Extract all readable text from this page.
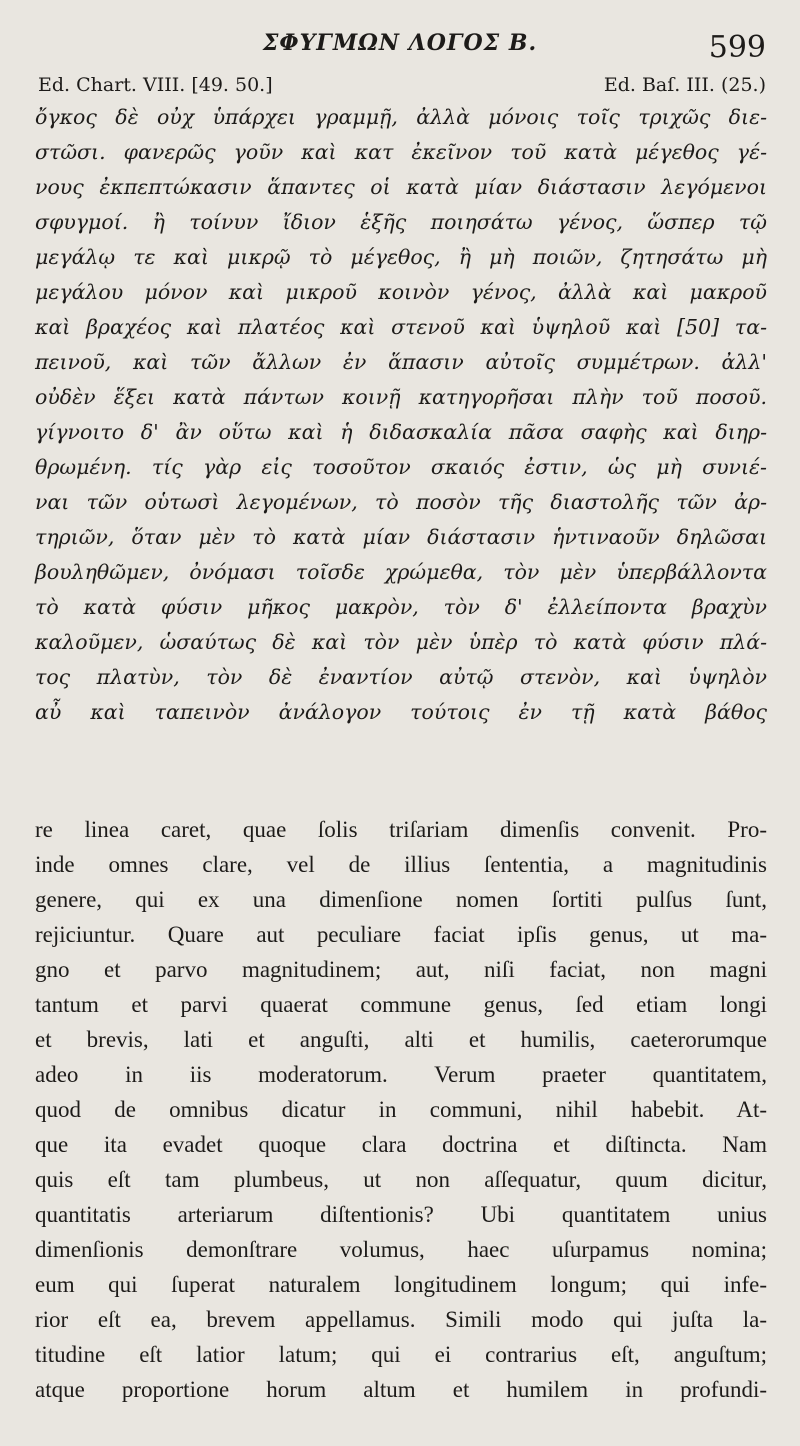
ΣΦΥΓΜΩΝ ΛΟΓΟΣ Β.	599
Ed. Chart. VIII. [49. 50.]	Ed. Baſ. III. (25.)
ὄγκος δὲ οὐχ ὑπάρχει γραμμῇ, ἀλλὰ μόνοις τοῖς τριχῶς διε-
στῶσι. φανερῶς γοῦν καὶ κατ ἐκεῖνον τοῦ κατὰ μέγεθος γέ-
νους ἐκπεπτώκασιν ἅπαντες οἱ κατὰ μίαν διάστασιν λεγόμενοι
σφυγμοί. ἢ τοίνυν ἴδιον ἑξῆς ποιησάτω γένος, ὥσπερ τῷ
μεγάλῳ τε καὶ μικρῷ τὸ μέγεθος, ἢ μὴ ποιῶν, ζητησάτω μὴ
μεγάλου μόνον καὶ μικροῦ κοινὸν γένος, ἀλλὰ καὶ μακροῦ
καὶ βραχέος καὶ πλατέος καὶ στενοῦ καὶ ὑψηλοῦ καὶ [50] τα-
πεινοῦ, καὶ τῶν ἄλλων ἐν ἅπασιν αὐτοῖς συμμέτρων. ἀλλ'
οὐδὲν ἕξει κατὰ πάντων κοινῇ κατηγορῆσαι πλὴν τοῦ ποσοῦ.
γίγνοιτο δ' ἂν οὕτω καὶ ἡ διδασκαλία πᾶσα σαφὴς καὶ διηρ-
θρωμένη. τίς γὰρ εἰς τοσοῦτον σκαιός ἐστιν, ὡς μὴ συνιέ-
ναι τῶν οὑτωσὶ λεγομένων, τὸ ποσὸν τῆς διαστολῆς τῶν ἀρ-
τηριῶν, ὅταν μὲν τὸ κατὰ μίαν διάστασιν ἡντιναοῦν δηλῶσαι
βουληθῶμεν, ὀνόμασι τοῖσδε χρώμεθα, τὸν μὲν ὑπερβάλλοντα
τὸ κατὰ φύσιν μῆκος μακρὸν, τὸν δ' ἐλλείποντα βραχὺν
καλοῦμεν, ὡσαύτως δὲ καὶ τὸν μὲν ὑπὲρ τὸ κατὰ φύσιν πλά-
τος πλατὺν, τὸν δὲ ἐναντίον αὐτῷ στενὸν, καὶ ὑψηλὸν
αὖ καὶ ταπεινὸν ἀνάλογον τούτοις ἐν τῇ κατὰ βάθος
re linea caret, quae ſolis triſariam dimenſis convenit. Pro-
inde omnes clare, vel de illius ſententia, a magnitudinis
genere, qui ex una dimenſione nomen ſortiti pulſus ſunt,
rejiciuntur. Quare aut peculiare faciat ipſis genus, ut ma-
gno et parvo magnitudinem; aut, niſi faciat, non magni
tantum et parvi quaerat commune genus, ſed etiam longi
et brevis, lati et anguſti, alti et humilis, caeterorumque
adeo in iis moderatorum. Verum praeter quantitatem,
quod de omnibus dicatur in communi, nihil habebit. At-
que ita evadet quoque clara doctrina et diſtincta. Nam
quis eſt tam plumbeus, ut non aſſequatur, quum dicitur,
quantitatis arteriarum diſtentionis? Ubi quantitatem unius
dimenſionis demonſtrare volumus, haec uſurpamus nomina;
eum qui ſuperat naturalem longitudinem longum; qui infe-
rior eſt ea, brevem appellamus. Simili modo qui juſta la-
titudine eſt latior latum; qui ei contrarius eſt, anguſtum;
atque proportione horum altum et humilem in profundi-
